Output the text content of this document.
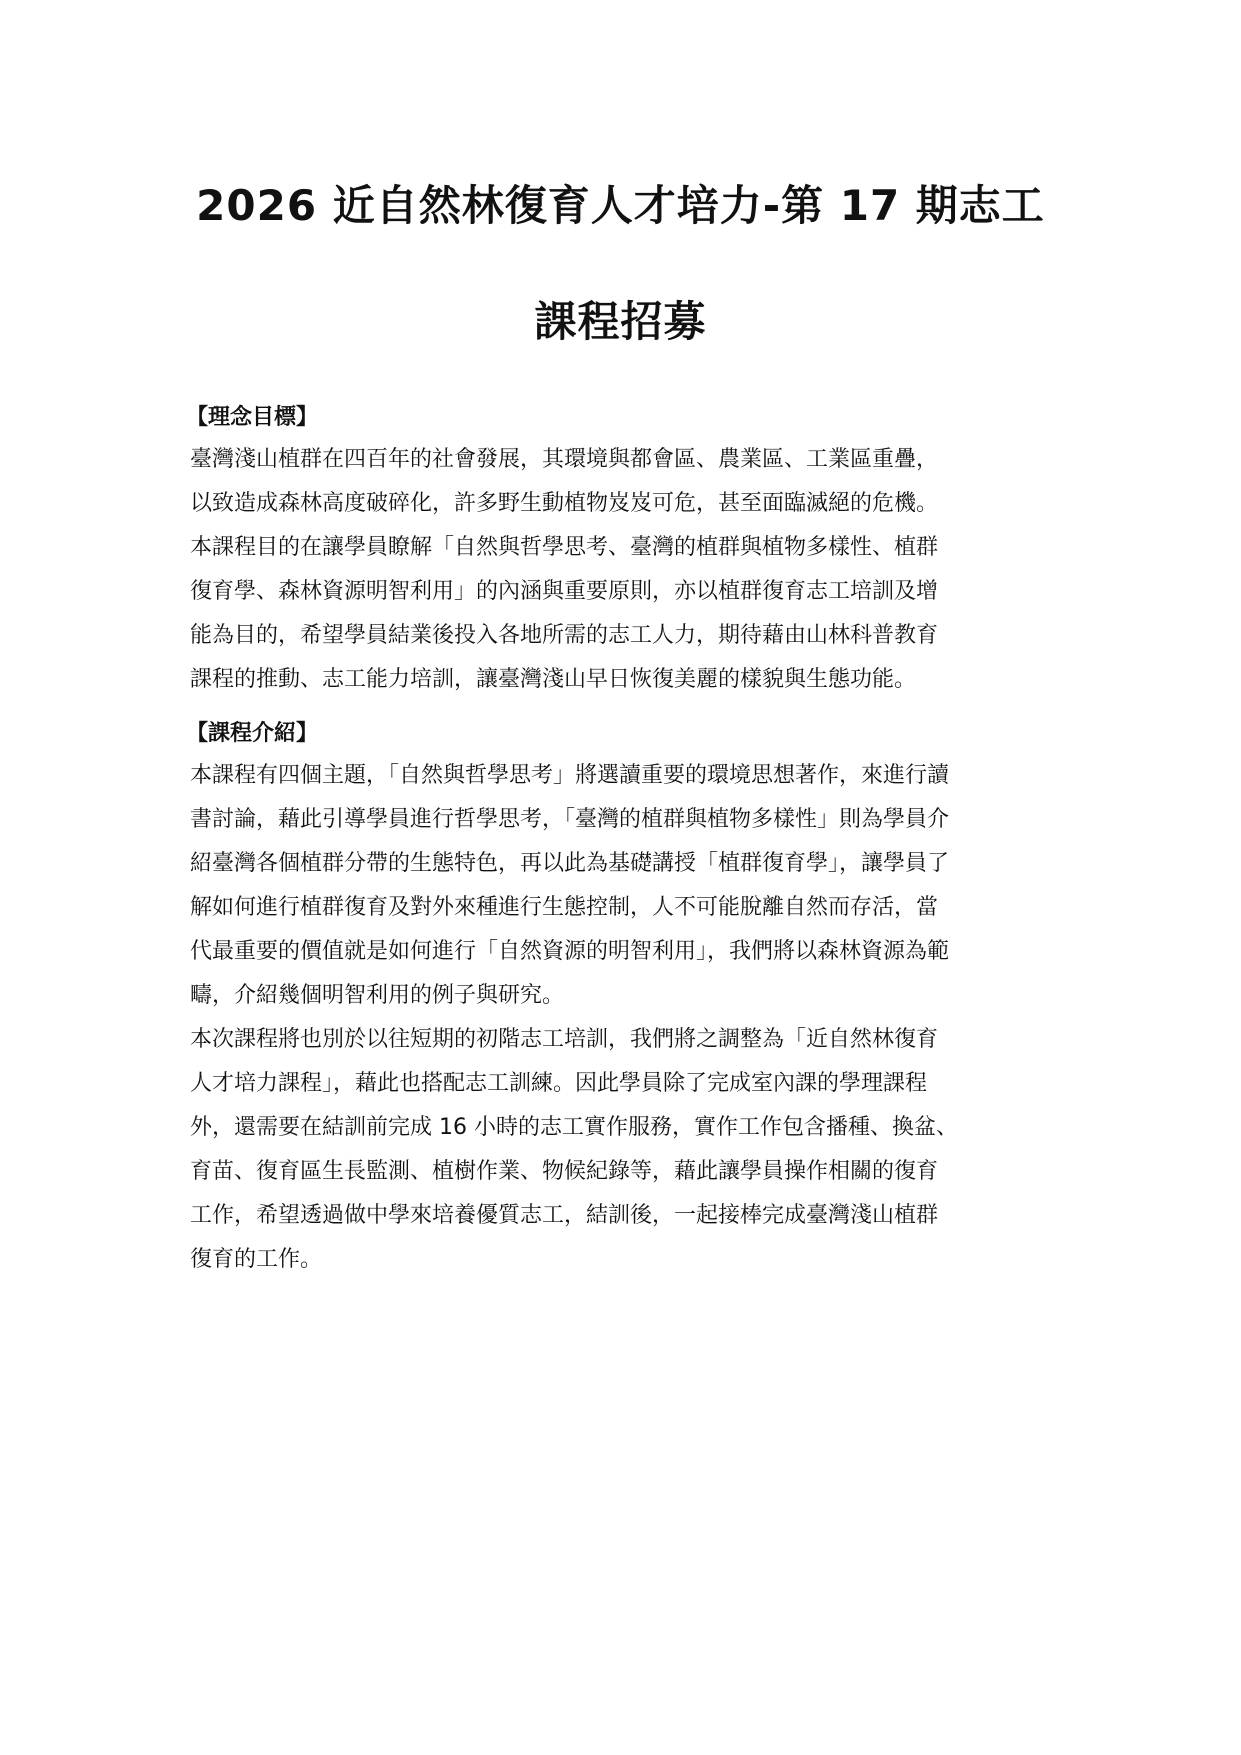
2026 近自然林復育人才培力-第 17 期志工
課程招募
【理念目標】

臺灣淺山植群在四百年的社會發展，其環境與都會區、農業區、工業區重疊，

以致造成森林高度破碎化，許多野生動植物岌岌可危，甚至面臨滅絕的危機。

本課程目的在讓學員瞭解「自然與哲學思考、臺灣的植群與植物多樣性、植群

復育學、森林資源明智利用」的內涵與重要原則，亦以植群復育志工培訓及增

能為目的，希望學員結業後投入各地所需的志工人力，期待藉由山林科普教育

課程的推動、志工能力培訓，讓臺灣淺山早日恢復美麗的樣貌與生態功能。

【課程介紹】

本課程有四個主題，「自然與哲學思考」將選讀重要的環境思想著作，來進行讀

書討論，藉此引導學員進行哲學思考，「臺灣的植群與植物多樣性」則為學員介

紹臺灣各個植群分帶的生態特色，再以此為基礎講授「植群復育學」，讓學員了

解如何進行植群復育及對外來種進行生態控制，人不可能脫離自然而存活，當

代最重要的價值就是如何進行「自然資源的明智利用」，我們將以森林資源為範

疇，介紹幾個明智利用的例子與研究。

本次課程將也別於以往短期的初階志工培訓，我們將之調整為「近自然林復育

人才培力課程」，藉此也搭配志工訓練。因此學員除了完成室內課的學理課程

外，還需要在結訓前完成 16 小時的志工實作服務，實作工作包含播種、換盆、

育苗、復育區生長監測、植樹作業、物候紀錄等，藉此讓學員操作相關的復育

工作，希望透過做中學來培養優質志工，結訓後，一起接棒完成臺灣淺山植群

復育的工作。
